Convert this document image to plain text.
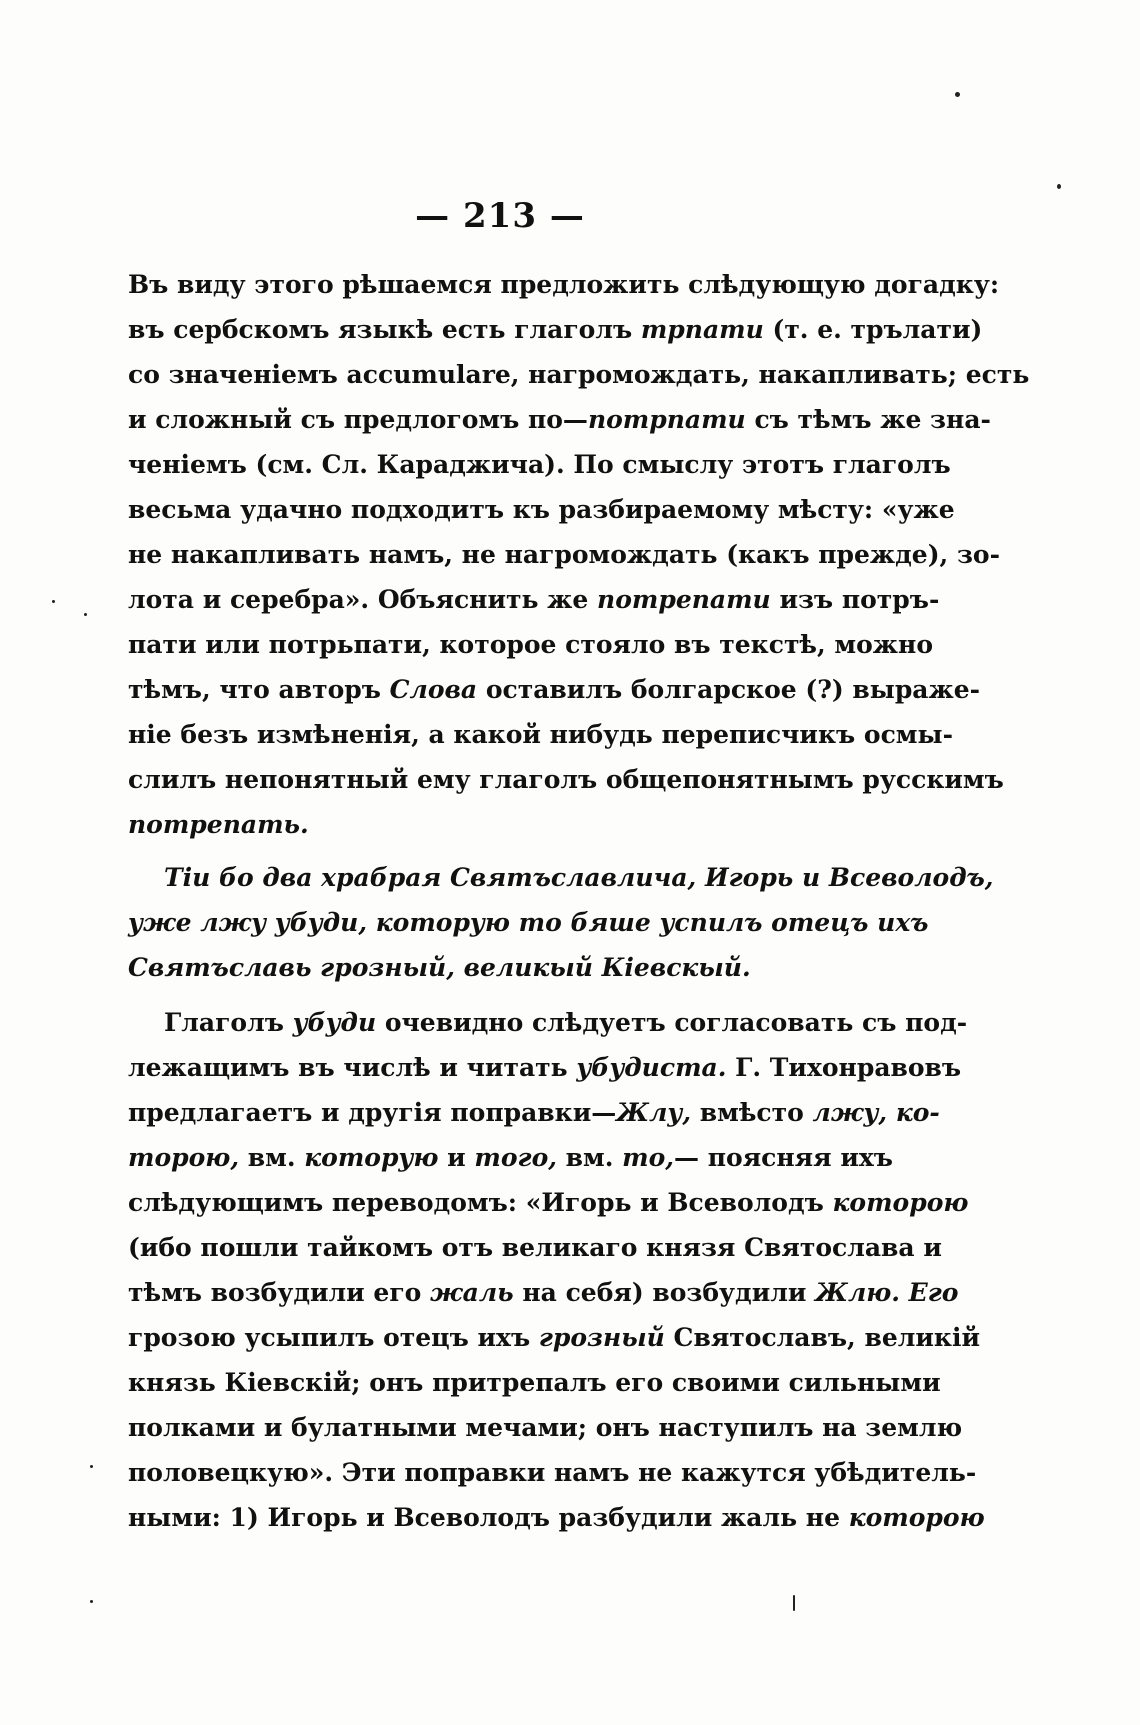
— 213 —
Въ виду этого рѣшаемся предложить слѣдующую догадку:
въ сербскомъ языкѣ есть глаголъ трпати (т. е. трълати)
со значеніемъ accumulare, нагромождать, накапливать; есть
и сложный съ предлогомъ по—потрпати съ тѣмъ же зна-
ченіемъ (см. Сл. Караджича). По смыслу этотъ глаголъ
весьма удачно подходитъ къ разбираемому мѣсту: «уже
не накапливать намъ, не нагромождать (какъ прежде), зо-
лота и серебра». Объяснить же потрепати изъ потръ-
пати или потрьпати, которое стояло въ текстѣ, можно
тѣмъ, что авторъ Слова оставилъ болгарское (?) выраже-
ніе безъ измѣненія, а какой нибудь переписчикъ осмы-
слилъ непонятный ему глаголъ общепонятнымъ русскимъ
потрепать.
Тіи бо два храбрая Святъславлича, Игорь и Всеволодъ,
уже лжу убуди, которую то бяше успилъ отецъ ихъ
Святъславь грозный, великый Кіевскый.
Глаголъ убуди очевидно слѣдуетъ согласовать съ под-
лежащимъ въ числѣ и читать убудиста. Г. Тихонравовъ
предлагаетъ и другія поправки—Жлу, вмѣсто лжу, ко-
торою, вм. которую и того, вм. то,— поясняя ихъ
слѣдующимъ переводомъ: «Игорь и Всеволодъ которою
(ибо пошли тайкомъ отъ великаго князя Святослава и
тѣмъ возбудили его жаль на себя) возбудили Жлю. Его
грозою усыпилъ отецъ ихъ грозный Святославъ, великій
князь Кіевскій; онъ притрепалъ его своими сильными
полками и булатными мечами; онъ наступилъ на землю
половецкую». Эти поправки намъ не кажутся убѣдитель-
ными: 1) Игорь и Всеволодъ разбудили жаль не которою
